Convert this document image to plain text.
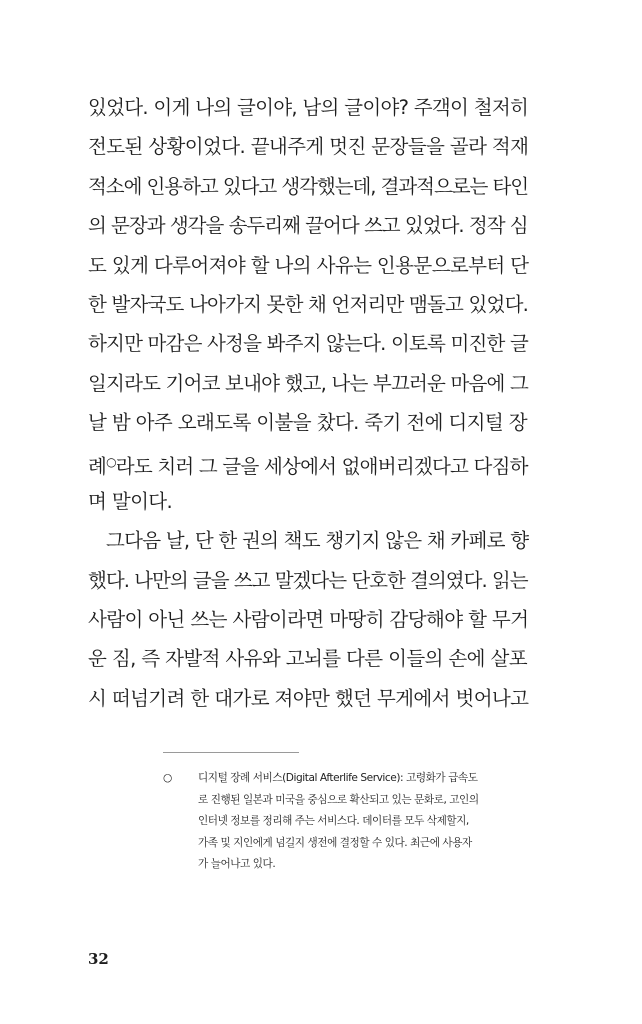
있었다. 이게 나의 글이야, 남의 글이야? 주객이 철저히
전도된 상황이었다. 끝내주게 멋진 문장들을 골라 적재
적소에 인용하고 있다고 생각했는데, 결과적으로는 타인
의 문장과 생각을 송두리째 끌어다 쓰고 있었다. 정작 심
도 있게 다루어져야 할 나의 사유는 인용문으로부터 단
한 발자국도 나아가지 못한 채 언저리만 맴돌고 있었다.
하지만 마감은 사정을 봐주지 않는다. 이토록 미진한 글
일지라도 기어코 보내야 했고, 나는 부끄러운 마음에 그
날 밤 아주 오래도록 이불을 찼다. 죽기 전에 디지털 장
례○라도 치러 그 글을 세상에서 없애버리겠다고 다짐하
며 말이다.
그다음 날, 단 한 권의 책도 챙기지 않은 채 카페로 향
했다. 나만의 글을 쓰고 말겠다는 단호한 결의였다. 읽는
사람이 아닌 쓰는 사람이라면 마땅히 감당해야 할 무거
운 짐, 즉 자발적 사유와 고뇌를 다른 이들의 손에 살포
시 떠넘기려 한 대가로 져야만 했던 무게에서 벗어나고
○ 디지털 장례 서비스(Digital Afterlife Service): 고령화가 급속도
로 진행된 일본과 미국을 중심으로 확산되고 있는 문화로, 고인의
인터넷 정보를 정리해 주는 서비스다. 데이터를 모두 삭제할지,
가족 및 지인에게 넘길지 생전에 결정할 수 있다. 최근에 사용자
가 늘어나고 있다.
32
